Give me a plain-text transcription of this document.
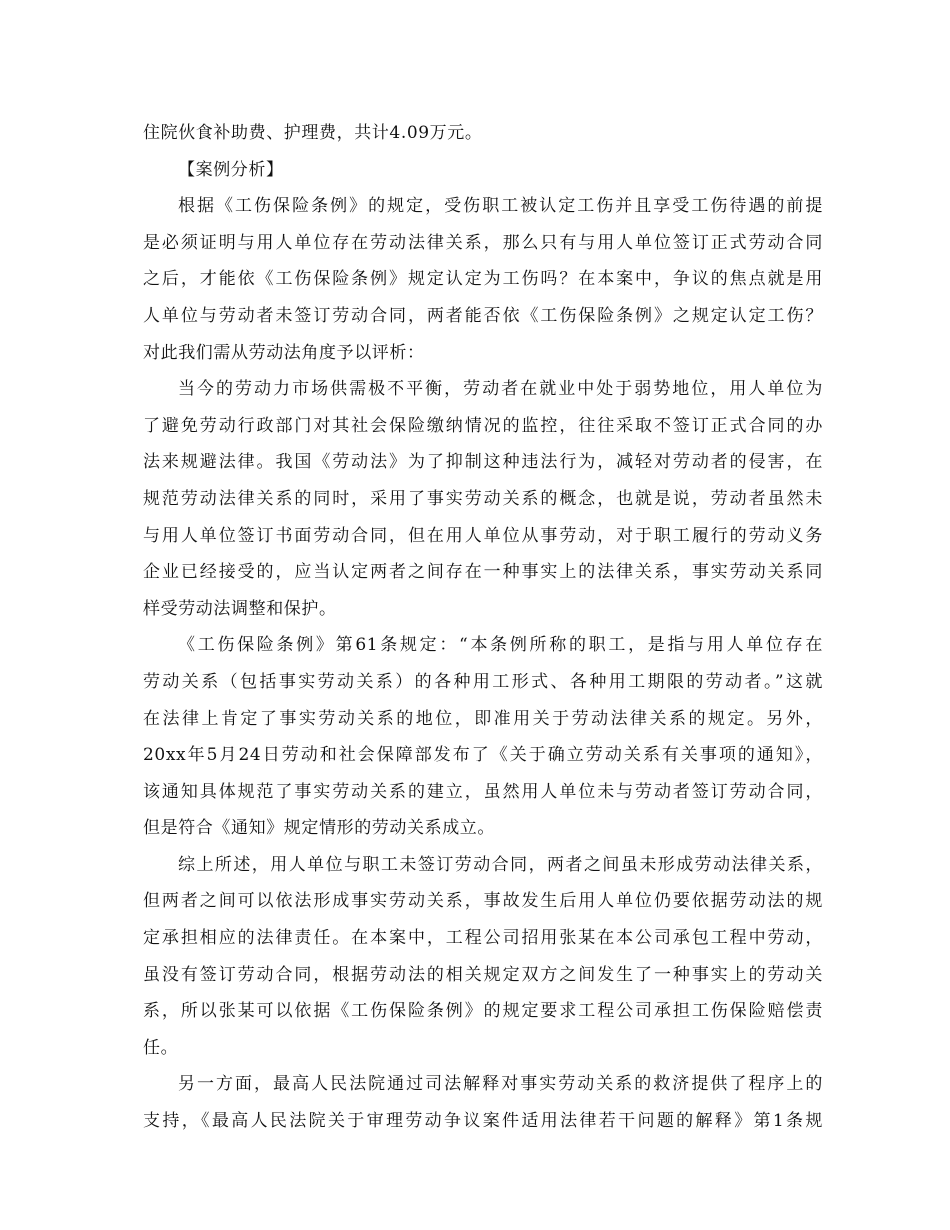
住院伙食补助费、护理费，共计4.09万元。
【案例分析】
根据《工伤保险条例》的规定，受伤职工被认定工伤并且享受工伤待遇的前提
是必须证明与用人单位存在劳动法律关系，那么只有与用人单位签订正式劳动合同
之后，才能依《工伤保险条例》规定认定为工伤吗？在本案中，争议的焦点就是用
人单位与劳动者未签订劳动合同，两者能否依《工伤保险条例》之规定认定工伤？
对此我们需从劳动法角度予以评析：
当今的劳动力市场供需极不平衡，劳动者在就业中处于弱势地位，用人单位为
了避免劳动行政部门对其社会保险缴纳情况的监控，往往采取不签订正式合同的办
法来规避法律。我国《劳动法》为了抑制这种违法行为，减轻对劳动者的侵害，在
规范劳动法律关系的同时，采用了事实劳动关系的概念，也就是说，劳动者虽然未
与用人单位签订书面劳动合同，但在用人单位从事劳动，对于职工履行的劳动义务
企业已经接受的，应当认定两者之间存在一种事实上的法律关系，事实劳动关系同
样受劳动法调整和保护。
《工伤保险条例》第61条规定：“本条例所称的职工，是指与用人单位存在
劳动关系（包括事实劳动关系）的各种用工形式、各种用工期限的劳动者。”这就
在法律上肯定了事实劳动关系的地位，即准用关于劳动法律关系的规定。另外，
20xx年5月24日劳动和社会保障部发布了《关于确立劳动关系有关事项的通知》，
该通知具体规范了事实劳动关系的建立，虽然用人单位未与劳动者签订劳动合同，
但是符合《通知》规定情形的劳动关系成立。
综上所述，用人单位与职工未签订劳动合同，两者之间虽未形成劳动法律关系，
但两者之间可以依法形成事实劳动关系，事故发生后用人单位仍要依据劳动法的规
定承担相应的法律责任。在本案中，工程公司招用张某在本公司承包工程中劳动，
虽没有签订劳动合同，根据劳动法的相关规定双方之间发生了一种事实上的劳动关
系，所以张某可以依据《工伤保险条例》的规定要求工程公司承担工伤保险赔偿责
任。
另一方面，最高人民法院通过司法解释对事实劳动关系的救济提供了程序上的
支持，《最高人民法院关于审理劳动争议案件适用法律若干问题的解释》第1条规
